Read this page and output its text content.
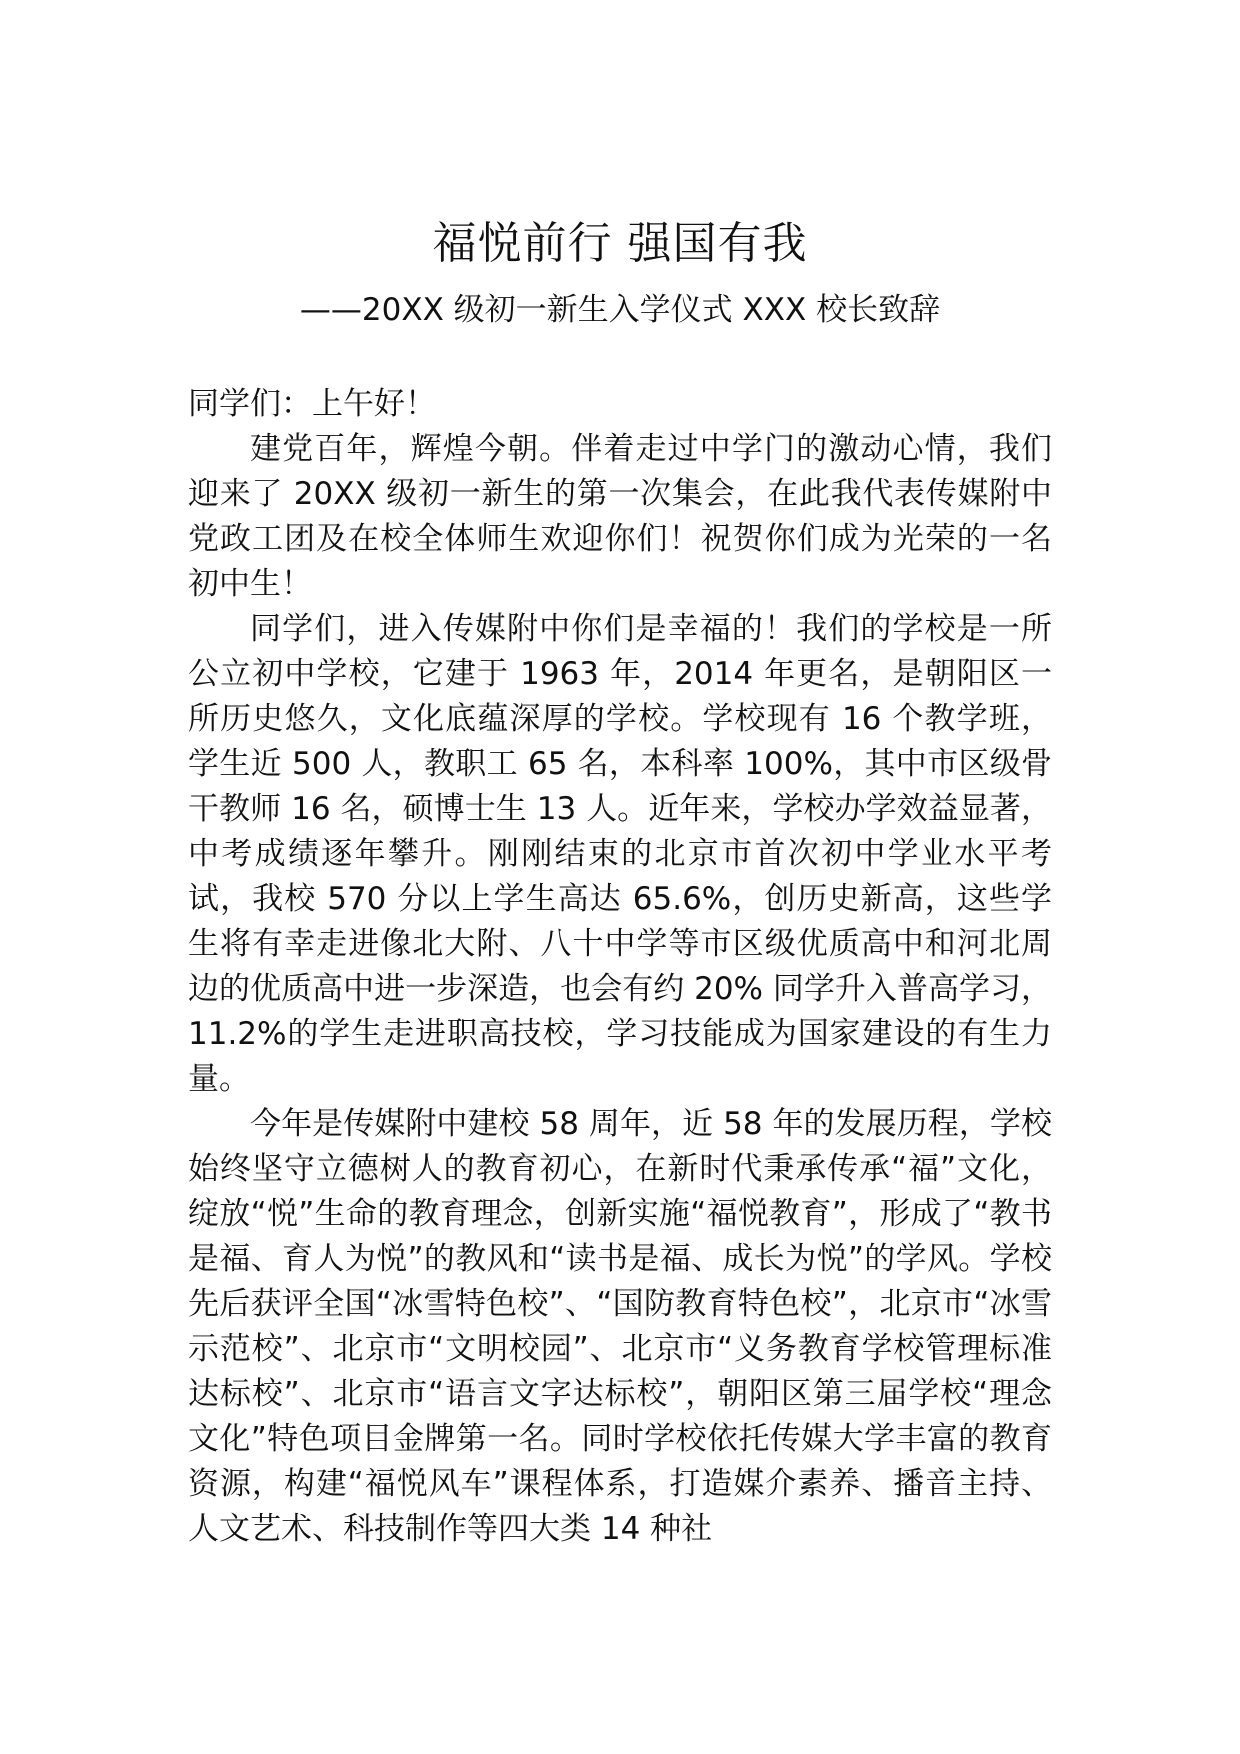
福悦前行 强国有我
——20XX 级初一新生入学仪式 XXX 校长致辞

同学们：上午好！

建党百年，辉煌今朝。伴着走过中学门的激动心情，我们迎来了 20XX 级初一新生的第一次集会，在此我代表传媒附中党政工团及在校全体师生欢迎你们！祝贺你们成为光荣的一名初中生！

同学们，进入传媒附中你们是幸福的！我们的学校是一所公立初中学校，它建于 1963 年，2014 年更名，是朝阳区一所历史悠久，文化底蕴深厚的学校。学校现有 16 个教学班，学生近 500 人，教职工 65 名，本科率 100%，其中市区级骨干教师 16 名，硕博士生 13 人。近年来，学校办学效益显著，中考成绩逐年攀升。刚刚结束的北京市首次初中学业水平考试，我校 570 分以上学生高达 65.6%，创历史新高，这些学生将有幸走进像北大附、八十中学等市区级优质高中和河北周边的优质高中进一步深造，也会有约 20% 同学升入普高学习，11.2%的学生走进职高技校，学习技能成为国家建设的有生力量。

今年是传媒附中建校 58 周年，近 58 年的发展历程，学校始终坚守立德树人的教育初心，在新时代秉承传承“福”文化，绽放“悦”生命的教育理念，创新实施“福悦教育”，形成了“教书是福、育人为悦”的教风和“读书是福、成长为悦”的学风。学校先后获评全国“冰雪特色校”、“国防教育特色校”，北京市“冰雪示范校”、北京市“文明校园”、北京市“义务教育学校管理标准达标校”、北京市“语言文字达标校”，朝阳区第三届学校“理念文化”特色项目金牌第一名。同时学校依托传媒大学丰富的教育资源，构建“福悦风车”课程体系，打造媒介素养、播音主持、人文艺术、科技制作等四大类 14 种社
